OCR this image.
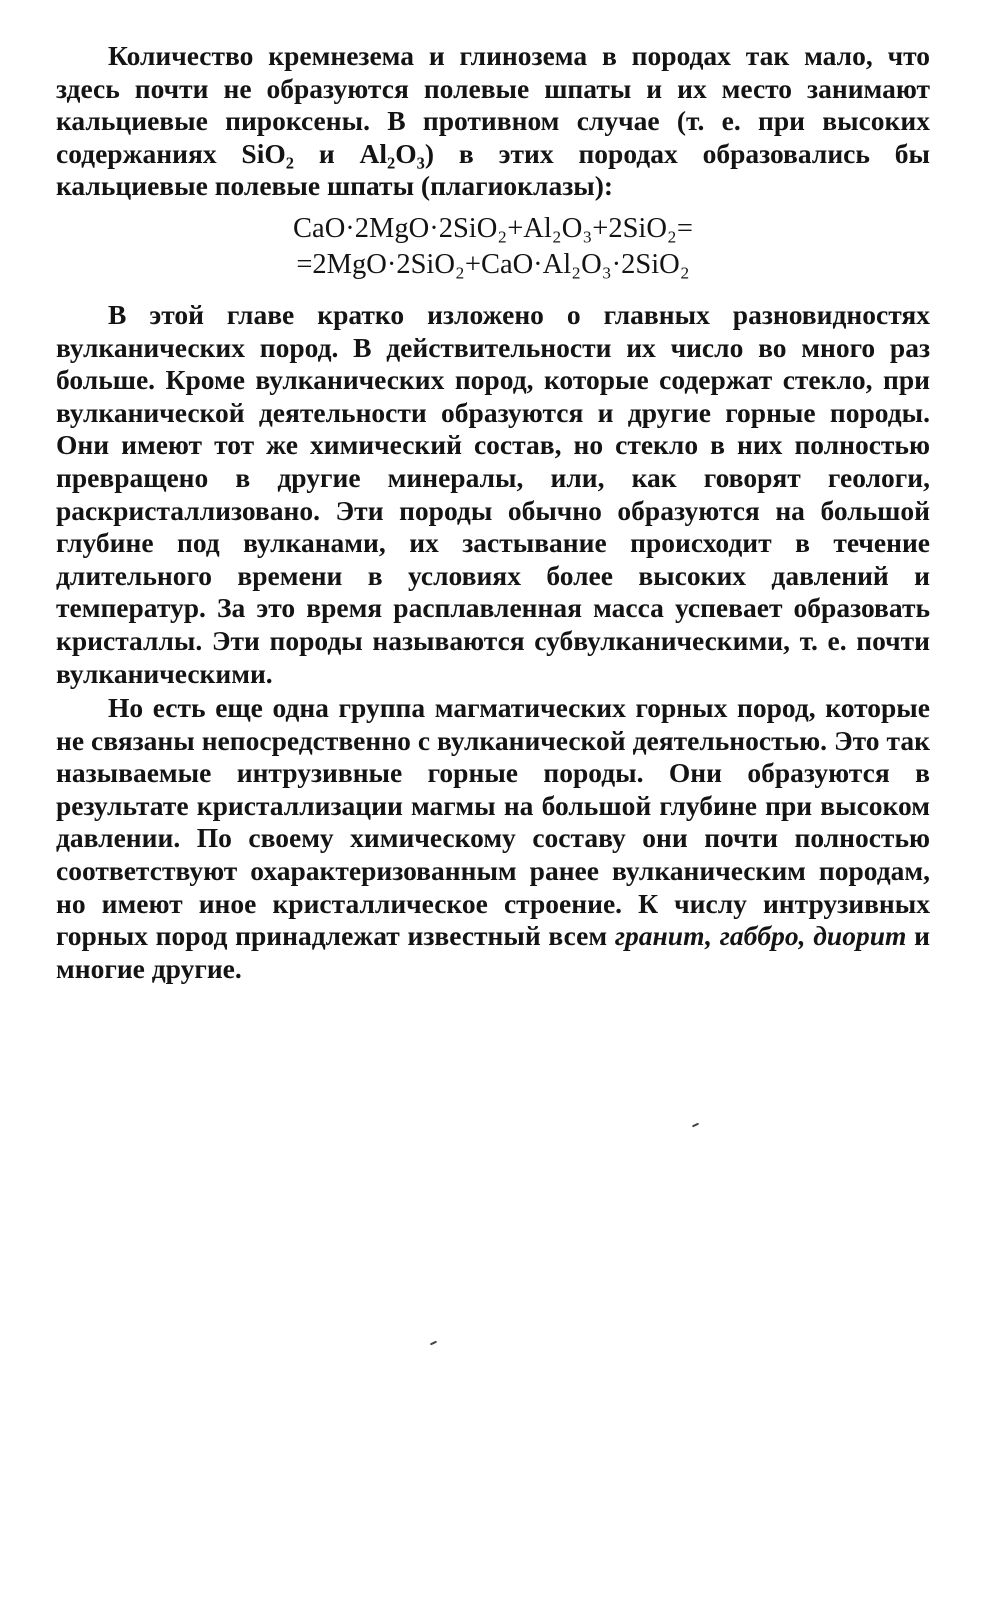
Количество кремнезема и глинозема в породах так мало, что здесь почти не образуются полевые шпаты и их место занимают кальциевые пироксены. В противном случае (т. е. при высоких содержаниях SiO₂ и Al₂O₃) в этих породах образовались бы кальциевые полевые шпаты (плагиоклазы):

CaO·2MgO·2SiO₂+Al₂O₃+2SiO₂=
=2MgO·2SiO₂+CaO·Al₂O₃·2SiO₂

В этой главе кратко изложено о главных разновидностях вулканических пород. В действительности их число во много раз больше. Кроме вулканических пород, которые содержат стекло, при вулканической деятельности образуются и другие горные породы. Они имеют тот же химический состав, но стекло в них полностью превращено в другие минералы, или, как говорят геологи, раскристаллизовано. Эти породы обычно образуются на большой глубине под вулканами, их застывание происходит в течение длительного времени в условиях более высоких давлений и температур. За это время расплавленная масса успевает образовать кристаллы. Эти породы называются субвулканическими, т. е. почти вулканическими.

Но есть еще одна группа магматических горных пород, которые не связаны непосредственно с вулканической деятельностью. Это так называемые интрузивные горные породы. Они образуются в результате кристаллизации магмы на большой глубине при высоком давлении. По своему химическому составу они почти полностью соответствуют охарактеризованным ранее вулканическим породам, но имеют иное кристаллическое строение. К числу интрузивных горных пород принадлежат известный всем гранит, габбро, диорит и многие другие.
